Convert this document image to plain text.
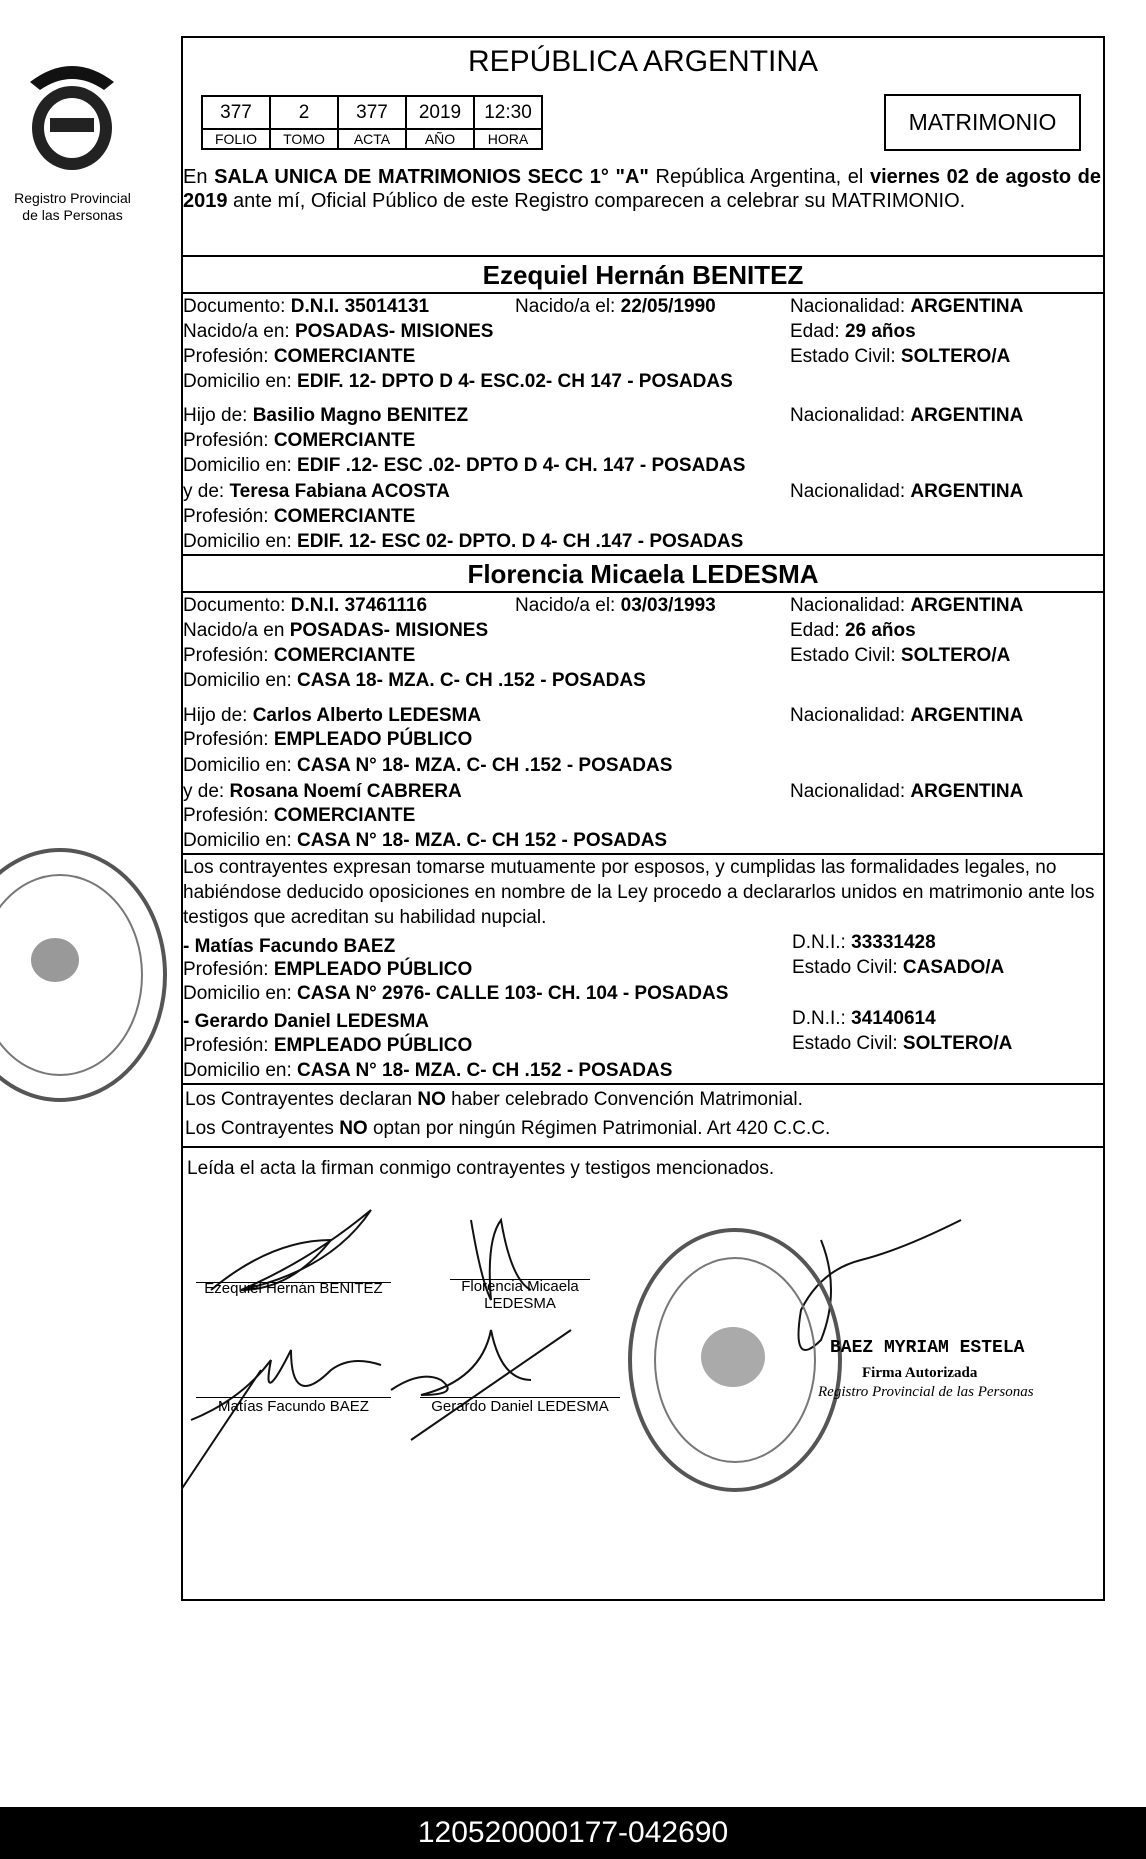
Registro Provincial
de las Personas
REPÚBLICA ARGENTINA
377	2	377	2019	12:30
FOLIO	TOMO	ACTA	AÑO	HORA
MATRIMONIO
En SALA UNICA DE MATRIMONIOS SECC 1° "A" República Argentina, el viernes 02 de agosto de 2019 ante mí, Oficial Público de este Registro comparecen a celebrar su MATRIMONIO.
Ezequiel Hernán BENITEZ
Documento: D.N.I. 35014131	Nacido/a el: 22/05/1990	Nacionalidad: ARGENTINA
Nacido/a en: POSADAS- MISIONES	Edad: 29 años
Profesión: COMERCIANTE	Estado Civil: SOLTERO/A
Domicilio en: EDIF. 12- DPTO D 4- ESC.02- CH 147 - POSADAS
Hijo de: Basilio Magno BENITEZ	Nacionalidad: ARGENTINA
Profesión: COMERCIANTE
Domicilio en: EDIF .12- ESC .02- DPTO D 4- CH. 147 - POSADAS
y de: Teresa Fabiana ACOSTA	Nacionalidad: ARGENTINA
Profesión: COMERCIANTE
Domicilio en: EDIF. 12- ESC 02- DPTO. D 4- CH .147 - POSADAS
Florencia Micaela LEDESMA
Documento: D.N.I. 37461116	Nacido/a el: 03/03/1993	Nacionalidad: ARGENTINA
Nacido/a en POSADAS- MISIONES	Edad: 26 años
Profesión: COMERCIANTE	Estado Civil: SOLTERO/A
Domicilio en: CASA 18- MZA. C- CH .152 - POSADAS
Hijo de: Carlos Alberto LEDESMA	Nacionalidad: ARGENTINA
Profesión: EMPLEADO PÚBLICO
Domicilio en: CASA N° 18- MZA. C- CH .152 - POSADAS
y de: Rosana Noemí CABRERA	Nacionalidad: ARGENTINA
Profesión: COMERCIANTE
Domicilio en: CASA N° 18- MZA. C- CH 152 - POSADAS
Los contrayentes expresan tomarse mutuamente por esposos, y cumplidas las formalidades legales, no habiéndose deducido oposiciones en nombre de la Ley procedo a declararlos unidos en matrimonio ante los testigos que acreditan su habilidad nupcial.
- Matías Facundo BAEZ	D.N.I.: 33331428
Profesión: EMPLEADO PÚBLICO	Estado Civil: CASADO/A
Domicilio en: CASA N° 2976- CALLE 103- CH. 104 - POSADAS
- Gerardo Daniel LEDESMA	D.N.I.: 34140614
Profesión: EMPLEADO PÚBLICO	Estado Civil: SOLTERO/A
Domicilio en: CASA N° 18- MZA. C- CH .152 - POSADAS
Los Contrayentes declaran NO haber celebrado Convención Matrimonial.
Los Contrayentes NO optan por ningún Régimen Patrimonial. Art 420 C.C.C.
Leída el acta la firman conmigo contrayentes y testigos mencionados.
Ezequiel Hernán BENITEZ	Florencia Micaela
LEDESMA
Matías Facundo BAEZ	Gerardo Daniel LEDESMA
BAEZ MYRIAM ESTELA
Firma Autorizada
Registro Provincial de las Personas
120520000177-042690
